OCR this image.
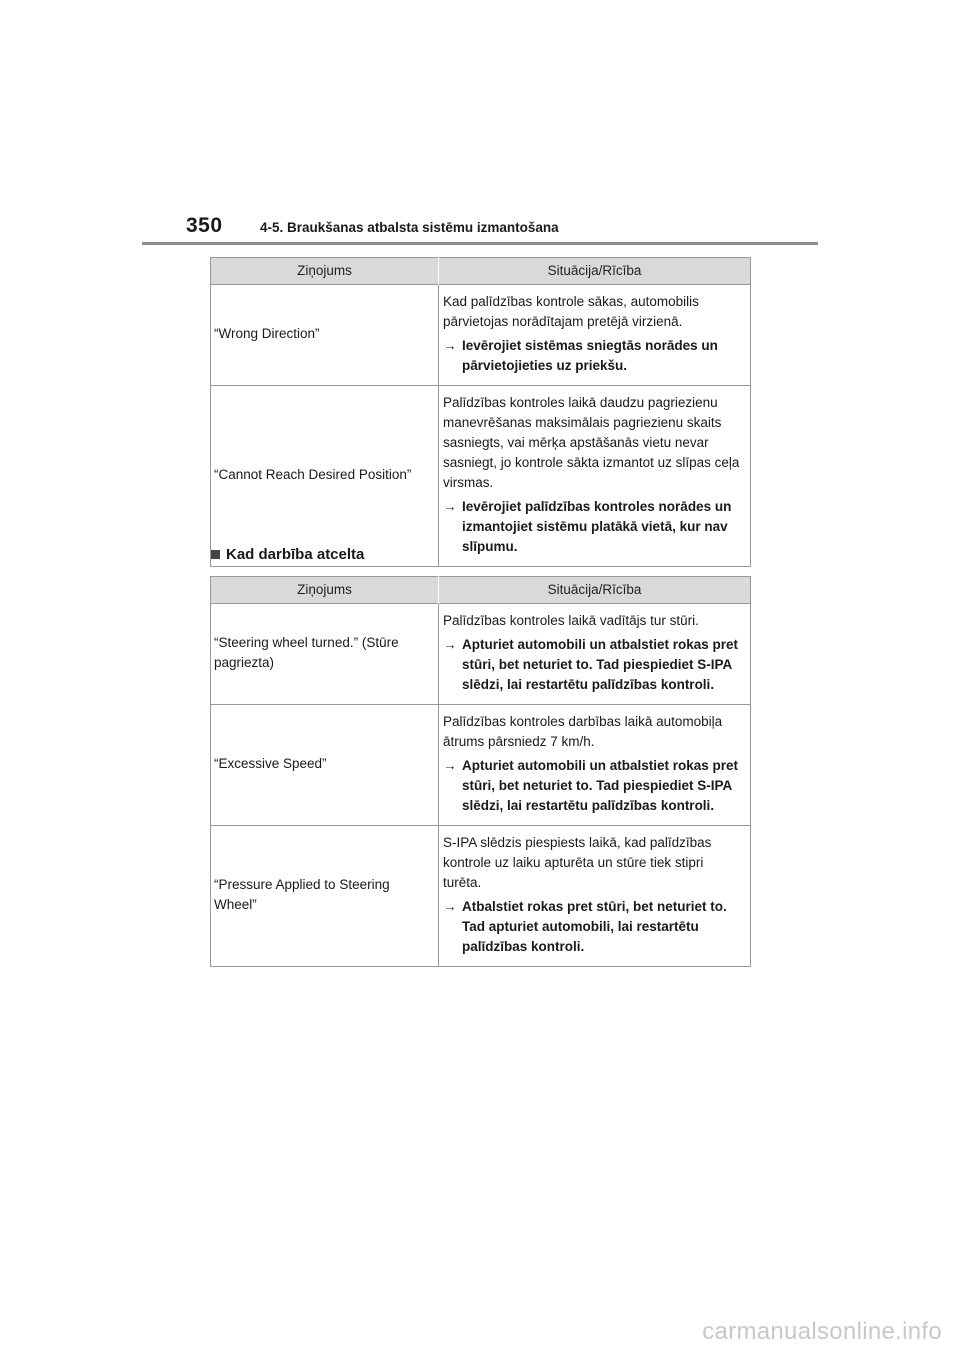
350	4-5. Braukšanas atbalsta sistēmu izmantošana
Ziņojums	Situācija/Rīcība
“Wrong Direction”	Kad palīdzības kontrole sākas, automobilis pārvietojas norādītajam pretējā virzienā.

→ Ievērojiet sistēmas sniegtās norādes un pārvietojieties uz priekšu.

“Cannot Reach Desired Position”	Palīdzības kontroles laikā daudzu pagriezienu manevrēšanas maksimālais pagriezienu skaits sasniegts, vai mērķa apstāšanās vietu nevar sasniegt, jo kontrole sākta izmantot uz slīpas ceļa virsmas.

→ Ievērojiet palīdzības kontroles norādes un izmantojiet sistēmu platākā vietā, kur nav slīpumu.
Kad darbība atcelta
Ziņojums	Situācija/Rīcība
“Steering wheel turned.” (Stūre pagriezta)	Palīdzības kontroles laikā vadītājs tur stūri.

→ Apturiet automobili un atbalstiet rokas pret stūri, bet neturiet to. Tad piespiediet S-IPA slēdzi, lai restartētu palīdzības kontroli.

“Excessive Speed”	Palīdzības kontroles darbības laikā automobiļa ātrums pārsniedz 7 km/h.

→ Apturiet automobili un atbalstiet rokas pret stūri, bet neturiet to. Tad piespiediet S-IPA slēdzi, lai restartētu palīdzības kontroli.

“Pressure Applied to Steering Wheel”	S-IPA slēdzis piespiests laikā, kad palīdzības kontrole uz laiku apturēta un stūre tiek stipri turēta.

→ Atbalstiet rokas pret stūri, bet neturiet to. Tad apturiet automobili, lai restartētu palīdzības kontroli.
carmanualsonline.info
